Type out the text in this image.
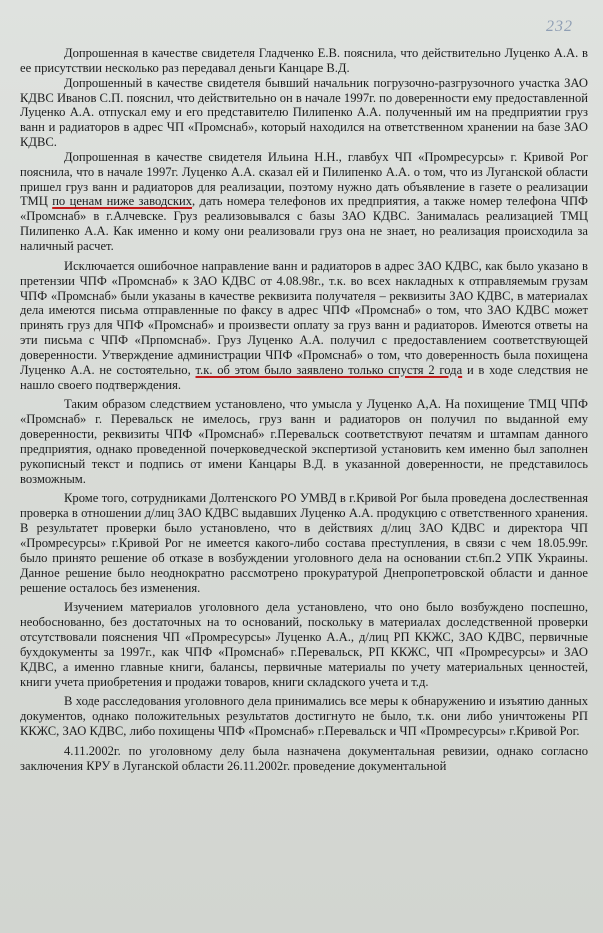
232

Допрошенная в качестве свидетеля Гладченко Е.В. пояснила, что действительно Луценко А.А. в ее присутствии несколько раз передавал деньги Канцаре В.Д.

Допрошенный в качестве свидетеля бывший начальник погрузочно-разгрузочного участка ЗАО КДВС Иванов С.П. пояснил, что действительно он в начале 1997г. по доверенности ему предоставленной Луценко А.А. отпускал ему и его представителю Пилипенко А.А. полученный им на предприятии груз ванн и радиаторов в адрес ЧП «Промснаб», который находился на ответственном хранении на базе ЗАО КДВС.

Допрошенная в качестве свидетеля Ильина Н.Н., главбух ЧП «Промресурсы» г. Кривой Рог пояснила, что в начале 1997г. Луценко А.А. сказал ей и Пилипенко А.А. о том, что из Луганской области пришел груз ванн и радиаторов для реализации, поэтому нужно дать объявление в газете о реализации ТМЦ по ценам ниже заводских, дать номера телефонов их предприятия, а также номер телефона ЧПФ «Промснаб» в г.Алчевске. Груз реализовывался с базы ЗАО КДВС. Занималась реализацией ТМЦ Пилипенко А.А. Как именно и кому они реализовали груз она не знает, но реализация происходила за наличный расчет.

Исключается ошибочное направление ванн и радиаторов в адрес ЗАО КДВС, как было указано в претензии ЧПФ «Промснаб» к ЗАО КДВС от 4.08.98г., т.к. во всех накладных к отправляемым грузам ЧПФ «Промснаб» были указаны в качестве реквизита получателя – реквизиты ЗАО КДВС, в материалах дела имеются письма отправленные по факсу в адрес ЧПФ «Промснаб» о том, что ЗАО КДВС может принять груз для ЧПФ «Промснаб» и произвести оплату за груз ванн и радиаторов. Имеются ответы на эти письма с ЧПФ «Прпомснаб». Груз Луценко А.А. получил с предоставлением соответствующей доверенности. Утверждение администрации ЧПФ «Промснаб» о том, что доверенность была похищена Луценко А.А. не состоятельно, т.к. об этом было заявлено только спустя 2 года и в ходе следствия не нашло своего подтверждения.

Таким образом следствием установлено, что умысла у Луценко А,А. На похищение ТМЦ ЧПФ «Промснаб» г. Перевальск не имелось, груз ванн и радиаторов он получил по выданной ему доверенности, реквизиты ЧПФ «Промснаб» г.Перевальск соответствуют печатям и штампам данного предприятия, однако проведенной почерковедческой экспертизой установить кем именно был заполнен рукописный текст и подпись от имени Канцары В.Д. в указанной доверенности, не представилось возможным.

Кроме того, сотрудниками Долтенского РО УМВД в г.Кривой Рог была проведена дослественная проверка в отношении д/лиц ЗАО КДВС выдавших Луценко А.А. продукцию с ответственного хранения. В результатет проверки было установлено, что в действиях д/лиц ЗАО КДВС и директора ЧП «Промресурсы» г.Кривой Рог не имеется какого-либо состава преступления, в связи с чем 18.05.99г. было принято решение об отказе в возбуждении уголовного дела на основании ст.6п.2 УПК Украины. Данное решение было неоднократно рассмотрено прокуратурой Днепропетровской области и данное решение осталось без изменения.

Изучением материалов уголовного дела установлено, что оно было возбуждено поспешно, необоснованно, без достаточных на то оснований, поскольку в материалах доследственной проверки отсутствовали пояснения ЧП «Промресурсы» Луценко А.А., д/лиц РП ККЖС, ЗАО КДВС, первичные бухдокументы за 1997г., как ЧПФ «Промснаб» г.Перевальск, РП ККЖС, ЧП «Промресурсы» и ЗАО КДВС, а именно главные книги, балансы, первичные материалы по учету материальных ценностей, книги учета приобретения и продажи товаров, книги складского учета и т.д.

В ходе расследования уголовного дела принимались все меры к обнаружению и изъятию данных документов, однако положительных результатов достигнуто не было, т.к. они либо уничтожены РП ККЖС, ЗАО КДВС, либо похищены ЧПФ «Промснаб» г.Перевальск и ЧП «Промресурсы» г.Кривой Рог.

4.11.2002г. по уголовному делу была назначена документальная ревизии, однако согласно заключения КРУ в Луганской области 26.11.2002г. проведение документальной
